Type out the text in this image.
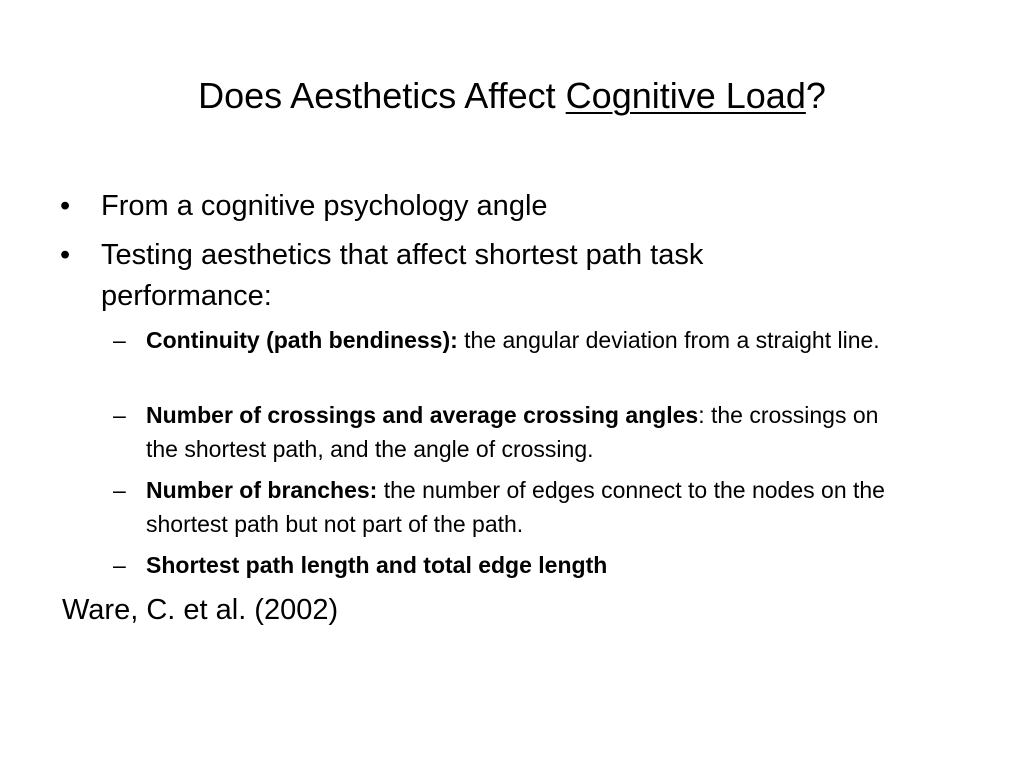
Does Aesthetics Affect Cognitive Load?
•	From a cognitive psychology angle
•	Testing aesthetics that affect shortest path task performance:
– Continuity (path bendiness): the angular deviation from a straight line.
– Number of crossings and average crossing angles: the crossings on the shortest path, and the angle of crossing.
– Number of branches: the number of edges connect to the nodes on the shortest path but not part of the path.
– Shortest path length and total edge length
Ware, C. et al. (2002)
